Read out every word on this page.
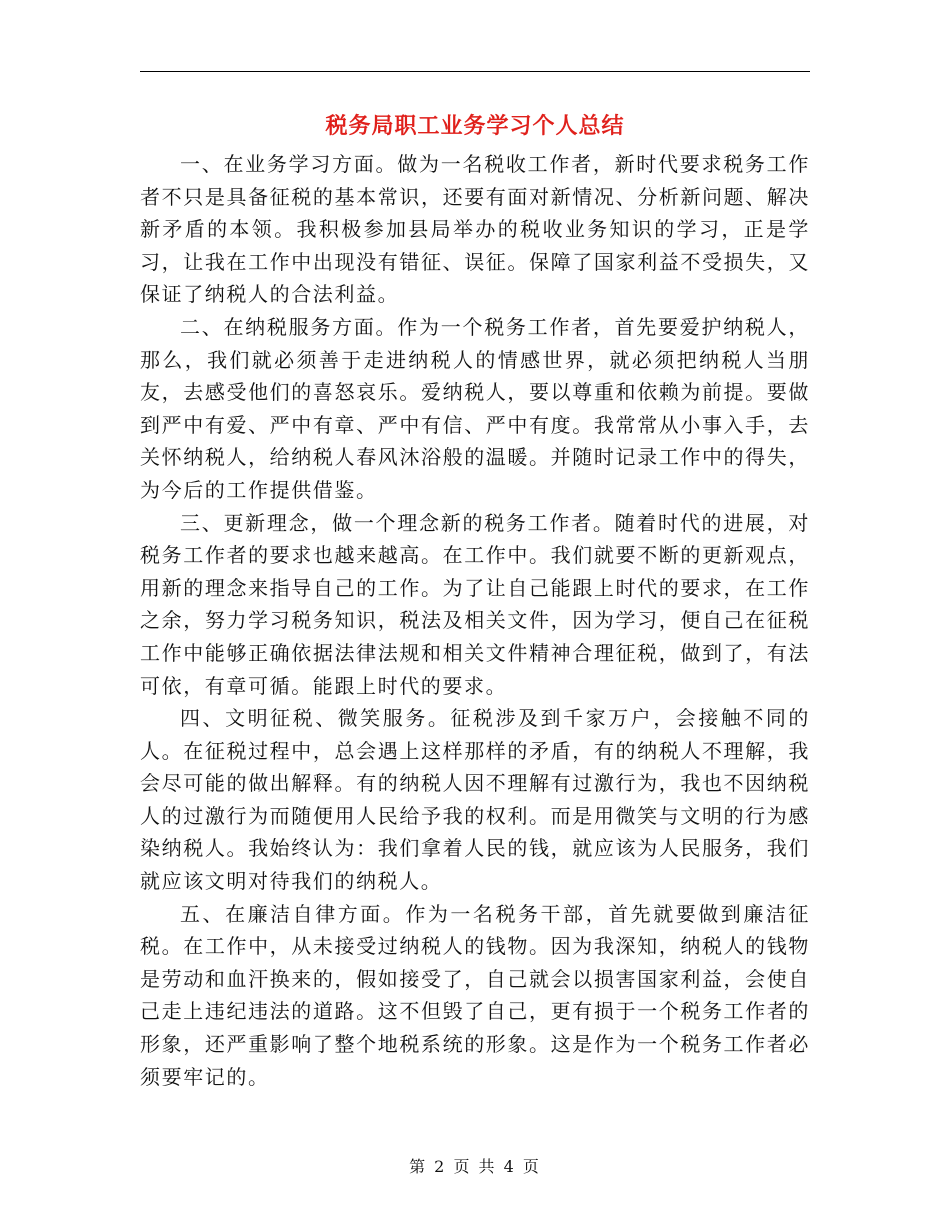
税务局职工业务学习个人总结

一、在业务学习方面。做为一名税收工作者，新时代要求税务工作者不只是具备征税的基本常识，还要有面对新情况、分析新问题、解决新矛盾的本领。我积极参加县局举办的税收业务知识的学习，正是学习，让我在工作中出现没有错征、误征。保障了国家利益不受损失，又保证了纳税人的合法利益。

二、在纳税服务方面。作为一个税务工作者，首先要爱护纳税人，那么，我们就必须善于走进纳税人的情感世界，就必须把纳税人当朋友，去感受他们的喜怒哀乐。爱纳税人，要以尊重和依赖为前提。要做到严中有爱、严中有章、严中有信、严中有度。我常常从小事入手，去关怀纳税人，给纳税人春风沐浴般的温暖。并随时记录工作中的得失，为今后的工作提供借鉴。

三、更新理念，做一个理念新的税务工作者。随着时代的进展，对税务工作者的要求也越来越高。在工作中。我们就要不断的更新观点，用新的理念来指导自己的工作。为了让自己能跟上时代的要求，在工作之余，努力学习税务知识，税法及相关文件，因为学习，便自己在征税工作中能够正确依据法律法规和相关文件精神合理征税，做到了，有法可依，有章可循。能跟上时代的要求。

四、文明征税、微笑服务。征税涉及到千家万户，会接触不同的人。在征税过程中，总会遇上这样那样的矛盾，有的纳税人不理解，我会尽可能的做出解释。有的纳税人因不理解有过激行为，我也不因纳税人的过激行为而随便用人民给予我的权利。而是用微笑与文明的行为感染纳税人。我始终认为：我们拿着人民的钱，就应该为人民服务，我们就应该文明对待我们的纳税人。

五、在廉洁自律方面。作为一名税务干部，首先就要做到廉洁征税。在工作中，从未接受过纳税人的钱物。因为我深知，纳税人的钱物是劳动和血汗换来的，假如接受了，自己就会以损害国家利益，会使自己走上违纪违法的道路。这不但毁了自己，更有损于一个税务工作者的形象，还严重影响了整个地税系统的形象。这是作为一个税务工作者必须要牢记的。

第 2 页 共 4 页
